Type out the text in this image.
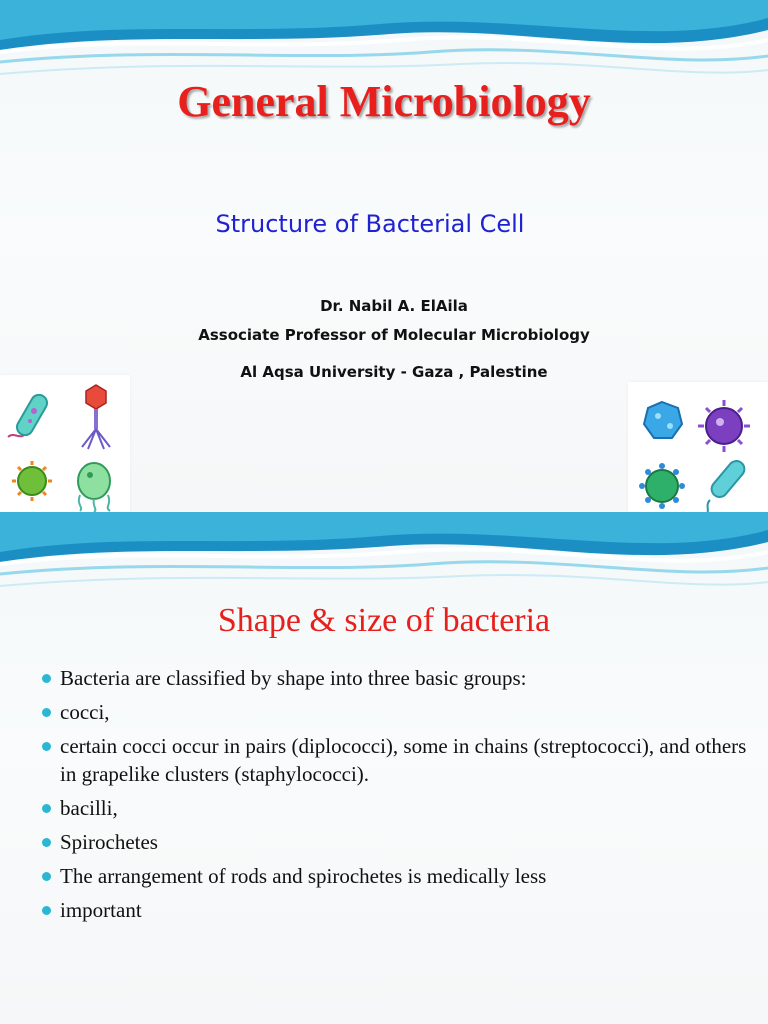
General Microbiology
Structure of Bacterial Cell
Dr. Nabil A. ElAila
Associate Professor of Molecular Microbiology
Al Aqsa University - Gaza , Palestine
Shape & size of bacteria
Bacteria are classified by shape into three basic groups:
cocci,
certain cocci occur in pairs (diplococci), some in chains (streptococci), and others in grapelike clusters (staphylococci).
bacilli,
Spirochetes
The arrangement of rods and spirochetes is medically less
important
